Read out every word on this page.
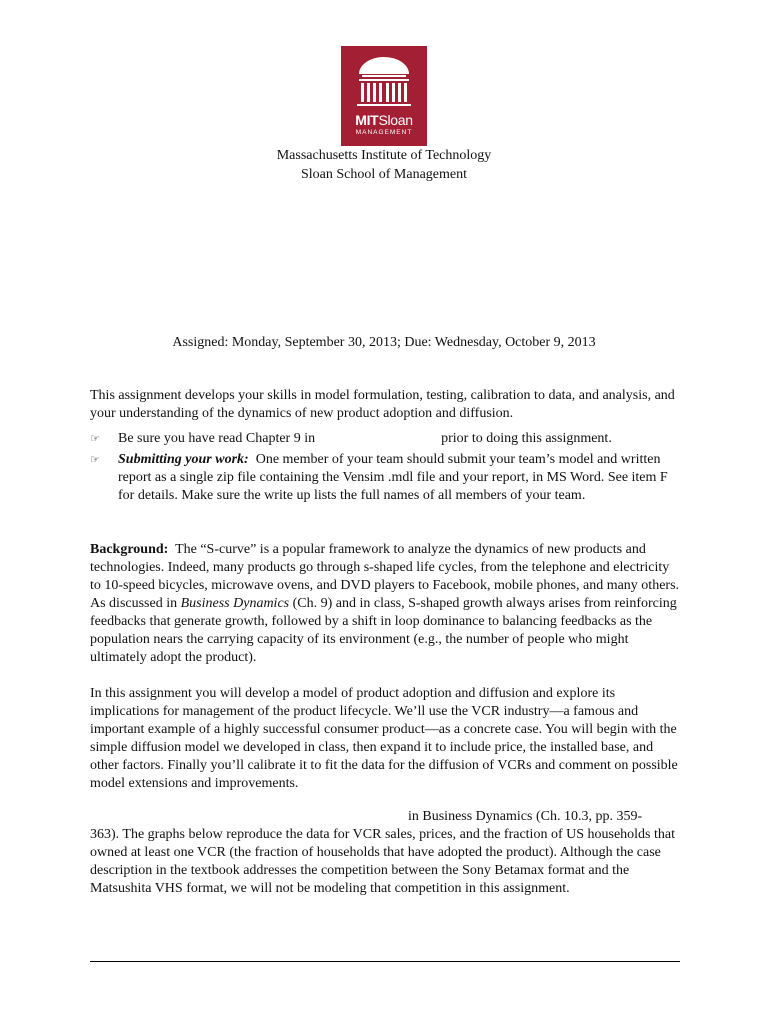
MITSloan
MANAGEMENT
Massachusetts Institute of Technology
Sloan School of Management
Assigned: Monday, September 30, 2013; Due: Wednesday, October 9, 2013
This assignment develops your skills in model formulation, testing, calibration to data, and analysis, and your understanding of the dynamics of new product adoption and diffusion.
☞	Be sure you have read Chapter 9 in	prior to doing this assignment.
☞	Submitting your work: One member of your team should submit your team’s model and written report as a single zip file containing the Vensim .mdl file and your report, in MS Word. See item F for details. Make sure the write up lists the full names of all members of your team.
Background: The “S-curve” is a popular framework to analyze the dynamics of new products and technologies. Indeed, many products go through s-shaped life cycles, from the telephone and electricity to 10-speed bicycles, microwave ovens, and DVD players to Facebook, mobile phones, and many others. As discussed in Business Dynamics (Ch. 9) and in class, S-shaped growth always arises from reinforcing feedbacks that generate growth, followed by a shift in loop dominance to balancing feedbacks as the population nears the carrying capacity of its environment (e.g., the number of people who might ultimately adopt the product).
In this assignment you will develop a model of product adoption and diffusion and explore its implications for management of the product lifecycle. We’ll use the VCR industry—a famous and important example of a highly successful consumer product—as a concrete case. You will begin with the simple diffusion model we developed in class, then expand it to include price, the installed base, and other factors. Finally you’ll calibrate it to fit the data for the diffusion of VCRs and comment on possible model extensions and improvements.
in Business Dynamics (Ch. 10.3, pp. 359-
363). The graphs below reproduce the data for VCR sales, prices, and the fraction of US households that owned at least one VCR (the fraction of households that have adopted the product). Although the case description in the textbook addresses the competition between the Sony Betamax format and the Matsushita VHS format, we will not be modeling that competition in this assignment.
